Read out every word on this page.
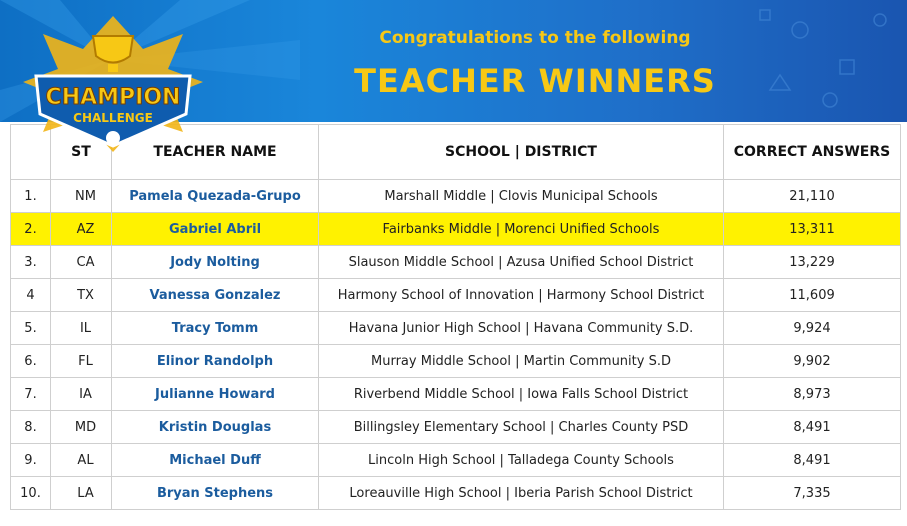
Congratulations to the following
TEACHER WINNERS
CHAMPION
CHALLENGE
	ST	TEACHER NAME	SCHOOL | DISTRICT	CORRECT ANSWERS
1.	NM	Pamela Quezada-Grupo	Marshall Middle | Clovis Municipal Schools	21,110
2.	AZ	Gabriel Abril	Fairbanks Middle | Morenci Unified Schools	13,311
3.	CA	Jody Nolting	Slauson Middle School | Azusa Unified School District	13,229
4	TX	Vanessa Gonzalez	Harmony School of Innovation | Harmony School District	11,609
5.	IL	Tracy Tomm	Havana Junior High School | Havana Community S.D.	9,924
6.	FL	Elinor Randolph	Murray Middle School | Martin Community S.D	9,902
7.	IA	Julianne Howard	Riverbend Middle School | Iowa Falls School District	8,973
8.	MD	Kristin Douglas	Billingsley Elementary School | Charles County PSD	8,491
9.	AL	Michael Duff	Lincoln High School | Talladega County Schools	8,491
10.	LA	Bryan Stephens	Loreauville High School | Iberia Parish School District	7,335
